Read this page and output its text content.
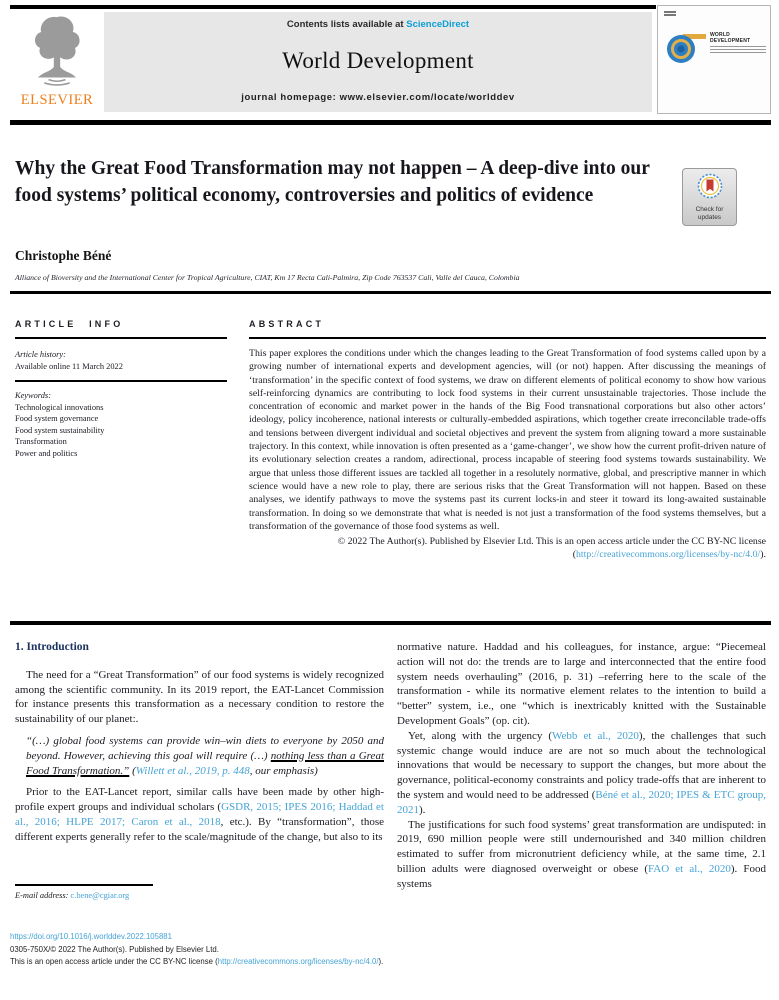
ELSEVIER
Contents lists available at ScienceDirect
World Development
journal homepage: www.elsevier.com/locate/worlddev
WORLD DEVELOPMENT
Why the Great Food Transformation may not happen – A deep-dive into our food systems’ political economy, controversies and politics of evidence
Check for
updates
Christophe Béné
Alliance of Bioversity and the International Center for Tropical Agriculture, CIAT, Km 17 Recta Cali-Palmira, Zip Code 763537 Cali, Valle del Cauca, Colombia
ARTICLE INFO	ABSTRACT
Article history:
Available online 11 March 2022
Keywords:
Technological innovations
Food system governance
Food system sustainability
Transformation
Power and politics
This paper explores the conditions under which the changes leading to the Great Transformation of food systems called upon by a growing number of international experts and development agencies, will (or not) happen. After discussing the meanings of ‘transformation’ in the specific context of food systems, we draw on different elements of political economy to show how various self-reinforcing dynamics are contributing to lock food systems in their current unsustainable trajectories. Those include the concentration of economic and market power in the hands of the Big Food transnational corporations but also other actors’ ideology, policy incoherence, national interests or culturally-embedded aspirations, which together create irreconcilable trade-offs and tensions between divergent individual and societal objectives and prevent the system from aligning toward a more sustainable trajectory. In this context, while innovation is often presented as a ‘game-changer’, we show how the current profit-driven nature of its evolutionary selection creates a random, adirectional, process incapable of steering food systems towards sustainability. We argue that unless those different issues are tackled all together in a resolutely normative, global, and prescriptive manner in which science would have a new role to play, there are serious risks that the Great Transformation will not happen. Based on these analyses, we identify pathways to move the systems past its current locks-in and steer it toward its long-awaited sustainable transformation. In doing so we demonstrate that what is needed is not just a transformation of the food systems themselves, but a transformation of the governance of those food systems as well.
© 2022 The Author(s). Published by Elsevier Ltd. This is an open access article under the CC BY-NC license (http://creativecommons.org/licenses/by-nc/4.0/).
1. Introduction

The need for a “Great Transformation” of our food systems is widely recognized among the scientific community. In its 2019 report, the EAT-Lancet Commission for instance presents this transformation as a necessary condition to restore the sustainability of our planet:.

“(…) global food systems can provide win–win diets to everyone by 2050 and beyond. However, achieving this goal will require (…) nothing less than a Great Food Transformation.” (Willett et al., 2019, p. 448, our emphasis)

Prior to the EAT-Lancet report, similar calls have been made by other high-profile expert groups and individual scholars (GSDR, 2015; IPES 2016; Haddad et al., 2016; HLPE 2017; Caron et al., 2018, etc.). By “transformation”, those different experts generally refer to the scale/magnitude of the change, but also to its

normative nature. Haddad and his colleagues, for instance, argue: “Piecemeal action will not do: the trends are to large and interconnected that the entire food system needs overhauling” (2016, p. 31) –referring here to the scale of the transformation - while its normative element relates to the intention to build a “better” system, i.e., one “which is inextricably knitted with the Sustainable Development Goals” (op. cit).

Yet, along with the urgency (Webb et al., 2020), the challenges that such systemic change would induce are are not so much about the technological innovations that would be necessary to support the changes, but more about the governance, political-economy constraints and policy trade-offs that are inherent to the system and would need to be addressed (Béné et al., 2020; IPES & ETC group, 2021).

The justifications for such food systems’ great transformation are undisputed: in 2019, 690 million people were still undernourished and 340 million children estimated to suffer from micronutrient deficiency while, at the same time, 2.1 billion adults were diagnosed overweight or obese (FAO et al., 2020). Food systems

E-mail address: c.bene@cgiar.org
https://doi.org/10.1016/j.worlddev.2022.105881
0305-750X/© 2022 The Author(s). Published by Elsevier Ltd.
This is an open access article under the CC BY-NC license (http://creativecommons.org/licenses/by-nc/4.0/).
